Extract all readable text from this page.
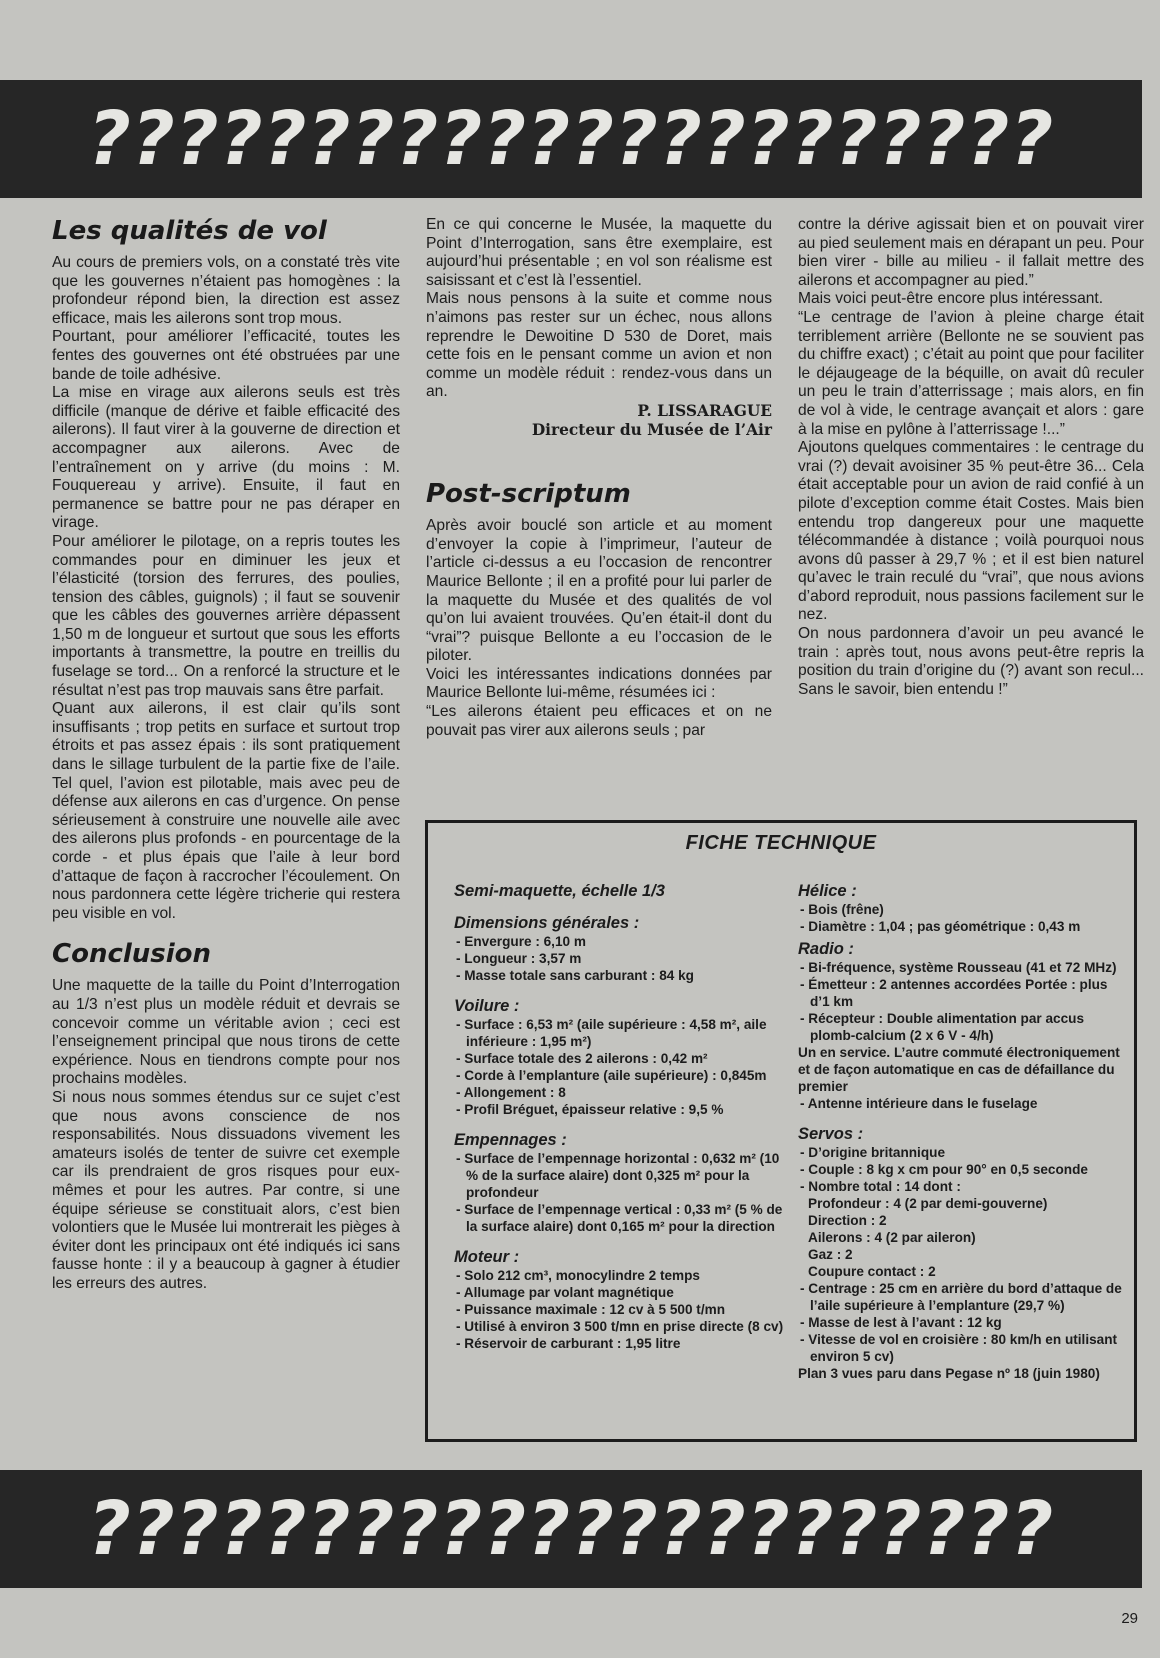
??????????????????????
Les qualités de vol

Au cours de premiers vols, on a constaté très vite que les gouvernes n’étaient pas homogènes : la profondeur répond bien, la direction est assez efficace, mais les ailerons sont trop mous.

Pourtant, pour améliorer l’efficacité, toutes les fentes des gouvernes ont été obstruées par une bande de toile adhésive.

La mise en virage aux ailerons seuls est très difficile (manque de dérive et faible efficacité des ailerons). Il faut virer à la gouverne de direction et accompagner aux ailerons. Avec de l’entraînement on y arrive (du moins : M. Fouquereau y arrive). Ensuite, il faut en permanence se battre pour ne pas déraper en virage.

Pour améliorer le pilotage, on a repris toutes les commandes pour en diminuer les jeux et l’élasticité (torsion des ferrures, des poulies, tension des câbles, guignols) ; il faut se souvenir que les câbles des gouvernes arrière dépassent 1,50 m de longueur et surtout que sous les efforts importants à transmettre, la poutre en treillis du fuselage se tord... On a renforcé la structure et le résultat n’est pas trop mauvais sans être parfait.

Quant aux ailerons, il est clair qu’ils sont insuffisants ; trop petits en surface et surtout trop étroits et pas assez épais : ils sont pratiquement dans le sillage turbulent de la partie fixe de l’aile. Tel quel, l’avion est pilotable, mais avec peu de défense aux ailerons en cas d’urgence. On pense sérieusement à construire une nouvelle aile avec des ailerons plus profonds - en pourcentage de la corde - et plus épais que l’aile à leur bord d’attaque de façon à raccrocher l’écoulement. On nous pardonnera cette légère tricherie qui restera peu visible en vol.

Conclusion

Une maquette de la taille du Point d’Interrogation au 1/3 n’est plus un modèle réduit et devrais se concevoir comme un véritable avion ; ceci est l’enseignement principal que nous tirons de cette expérience. Nous en tiendrons compte pour nos prochains modèles.

Si nous nous sommes étendus sur ce sujet c’est que nous avons conscience de nos responsabilités. Nous dissuadons vivement les amateurs isolés de tenter de suivre cet exemple car ils prendraient de gros risques pour eux-mêmes et pour les autres. Par contre, si une équipe sérieuse se constituait alors, c’est bien volontiers que le Musée lui montrerait les pièges à éviter dont les principaux ont été indiqués ici sans fausse honte : il y a beaucoup à gagner à étudier les erreurs des autres.

En ce qui concerne le Musée, la maquette du Point d’Interrogation, sans être exemplaire, est aujourd’hui présentable ; en vol son réalisme est saisissant et c’est là l’essentiel.

Mais nous pensons à la suite et comme nous n’aimons pas rester sur un échec, nous allons reprendre le Dewoitine D 530 de Doret, mais cette fois en le pensant comme un avion et non comme un modèle réduit : rendez-vous dans un an.

P. LISSARAGUE

Directeur du Musée de l’Air

Post-scriptum

Après avoir bouclé son article et au moment d’envoyer la copie à l’imprimeur, l’auteur de l’article ci-dessus a eu l’occasion de rencontrer Maurice Bellonte ; il en a profité pour lui parler de la maquette du Musée et des qualités de vol qu’on lui avaient trouvées. Qu’en était-il dont du “vrai”? puisque Bellonte a eu l’occasion de le piloter.

Voici les intéressantes indications données par Maurice Bellonte lui-même, résumées ici :

“Les ailerons étaient peu efficaces et on ne pouvait pas virer aux ailerons seuls ; par

contre la dérive agissait bien et on pouvait virer au pied seulement mais en dérapant un peu. Pour bien virer - bille au milieu - il fallait mettre des ailerons et accompagner au pied.”

Mais voici peut-être encore plus intéressant.

“Le centrage de l’avion à pleine charge était terriblement arrière (Bellonte ne se souvient pas du chiffre exact) ; c’était au point que pour faciliter le déjaugeage de la béquille, on avait dû reculer un peu le train d’atterrissage ; mais alors, en fin de vol à vide, le centrage avançait et alors : gare à la mise en pylône à l’atterrissage !...”

Ajoutons quelques commentaires : le centrage du vrai (?) devait avoisiner 35 % peut-être 36... Cela était acceptable pour un avion de raid confié à un pilote d’exception comme était Costes. Mais bien entendu trop dangereux pour une maquette télécommandée à distance ; voilà pourquoi nous avons dû passer à 29,7 % ; et il est bien naturel qu’avec le train reculé du “vrai”, que nous avions d’abord reproduit, nous passions facilement sur le nez.

On nous pardonnera d’avoir un peu avancé le train : après tout, nous avons peut-être repris la position du train d’origine du (?) avant son recul... Sans le savoir, bien entendu !”

FICHE TECHNIQUE

Semi-maquette, échelle 1/3

Dimensions générales :

- Envergure : 6,10 m

- Longueur : 3,57 m

- Masse totale sans carburant : 84 kg

Voilure :

- Surface : 6,53 m² (aile supérieure : 4,58 m², aile inférieure : 1,95 m²)

- Surface totale des 2 ailerons : 0,42 m²

- Corde à l’emplanture (aile supérieure) : 0,845m

- Allongement : 8

- Profil Bréguet, épaisseur relative : 9,5 %

Empennages :

- Surface de l’empennage horizontal : 0,632 m² (10 % de la surface alaire) dont 0,325 m² pour la profondeur

- Surface de l’empennage vertical : 0,33 m² (5 % de la surface alaire) dont 0,165 m² pour la direction

Moteur :

- Solo 212 cm³, monocylindre 2 temps

- Allumage par volant magnétique

- Puissance maximale : 12 cv à 5 500 t/mn

- Utilisé à environ 3 500 t/mn en prise directe (8 cv)

- Réservoir de carburant : 1,95 litre

Hélice :

- Bois (frêne)

- Diamètre : 1,04 ; pas géométrique : 0,43 m

Radio :

- Bi-fréquence, système Rousseau (41 et 72 MHz)

- Émetteur : 2 antennes accordées Portée : plus d’1 km

- Récepteur : Double alimentation par accus plomb-calcium (2 x 6 V - 4/h)

Un en service. L’autre commuté électroniquement et de façon automatique en cas de défaillance du premier

- Antenne intérieure dans le fuselage

Servos :

- D’origine britannique

- Couple : 8 kg x cm pour 90° en 0,5 seconde

- Nombre total : 14 dont :

Profondeur : 4 (2 par demi-gouverne)

Direction : 2

Ailerons : 4 (2 par aileron)

Gaz : 2

Coupure contact : 2

- Centrage : 25 cm en arrière du bord d’attaque de l’aile supérieure à l’emplanture (29,7 %)

- Masse de lest à l’avant : 12 kg

- Vitesse de vol en croisière : 80 km/h en utilisant environ 5 cv)

Plan 3 vues paru dans Pegase nº 18 (juin 1980)

??????????????????????
29
